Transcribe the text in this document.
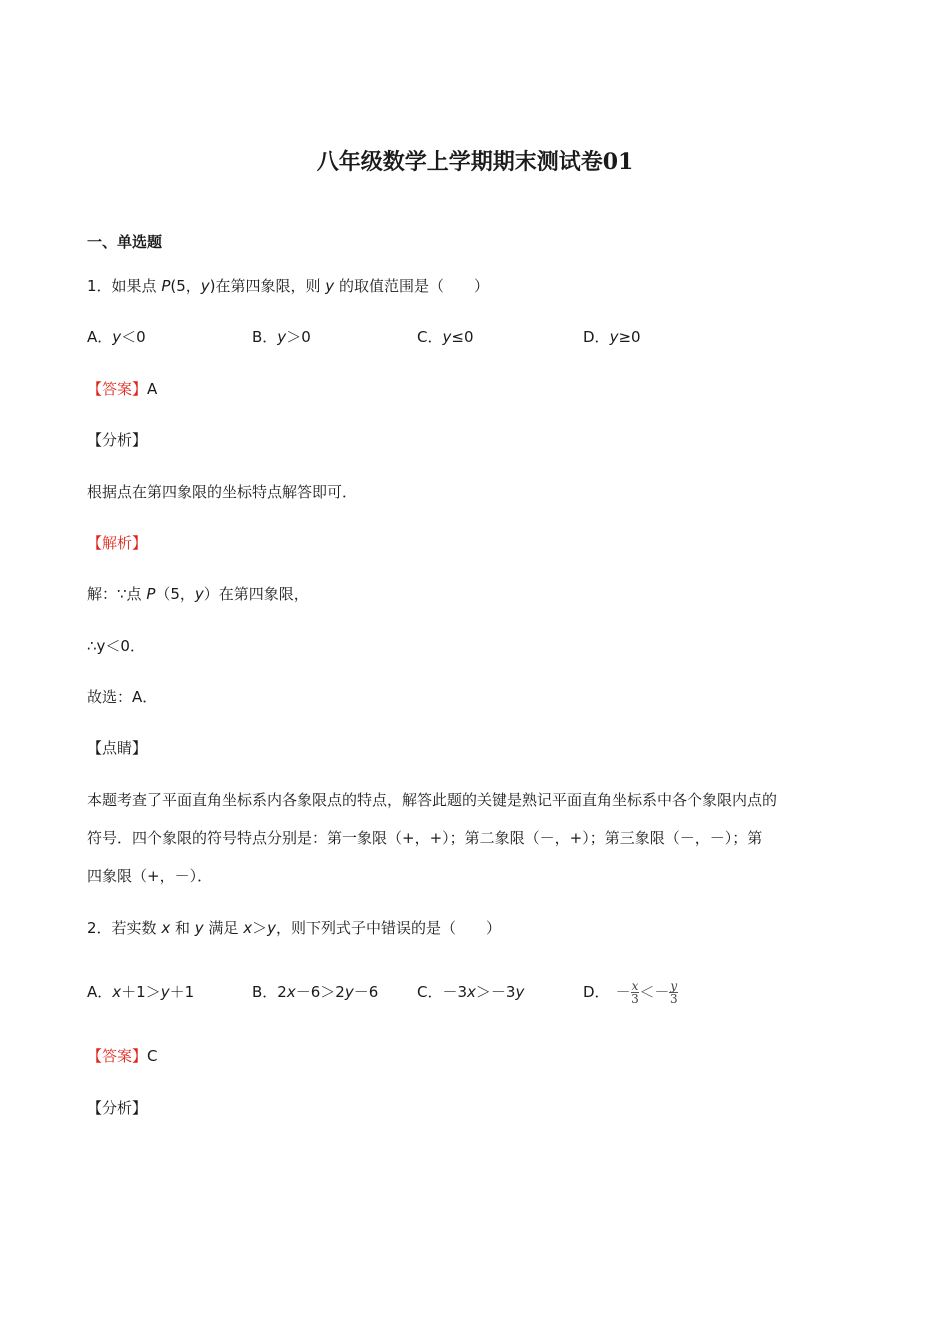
八年级数学上学期期末测试卷01
一、单选题
1．如果点 P(5，y)在第四象限，则 y 的取值范围是（　　）
A．y＜0	B．y＞0	C．y≤0	D．y≥0
【答案】A
【分析】
根据点在第四象限的坐标特点解答即可．
【解析】
解：∵点 P（5，y）在第四象限，
∴y＜0．
故选：A．
【点睛】
本题考查了平面直角坐标系内各象限点的特点，解答此题的关键是熟记平面直角坐标系中各个象限内点的
符号．四个象限的符号特点分别是：第一象限（+，+）；第二象限（－，+）；第三象限（－，－）；第
四象限（+，－）．
2．若实数 x 和 y 满足 x＞y，则下列式子中错误的是（　　）
A．x＋1＞y＋1	B．2x－6＞2y－6	C．－3x＞－3y	D． － $\frac{x}{3} <- \frac{y}{3}$
【答案】C
【分析】
